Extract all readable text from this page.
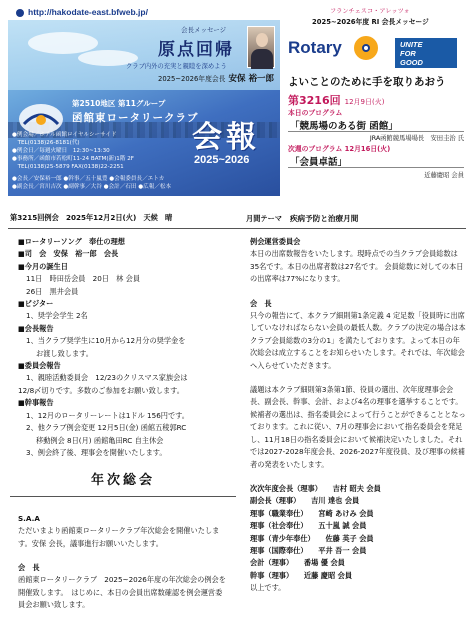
http://hakodate-east.bfweb.jp/
会長メッセージ
原点回帰
クラブ内外の充実と親睦を深めよう
2025~2026年度会長 安保 裕一郎
第2510地区 第11グループ
函館東ロータリークラブ
会報
2025~2026
●例会場／ホテル函館ロイヤルシーサイド
　TEL(0138)26-8181(代)
●例会日／毎週火曜日　12:30~13:30
●事務所／函館市若松町11-24 BATM(新)1階 2F
　TEL(0138)25-5879 FAX(0138)22-2251
●会長／安保裕一郎 ●幹事／五十嵐豊 ●会報委員長／エトカ
●副会長／宮川吉次 ●副幹事／大谷 ●会計／石田 ●広報／松本
フランチェスコ・アレッツォ
2025~2026年度 RI 会長メッセージ
Rotary	UNITE
FOR
GOOD
よいことのために手を取りあおう
第3216回 12月9日(火)
本日のプログラム
「競馬場のある街 函館」
JRA函館競馬場場長　安田圭治 氏
次週のプログラム 12月16日(火)
「会員卓話」
近藤慶昭 会員
第3215回例会　2025年12月2日(火)　天候　晴	月間テーマ 疾病予防と治療月間
■ロータリーソング　奉仕の理想
■司　会　安保　裕一郎　会長
■今月の誕生日
11日　時田岳会員　20日　林 会員
26日　黒井会員
■ビジター
1、奨学会学生 2名
■会長報告
1、当クラブ奨学生に10月から12月分の奨学金を
お渡し致します。
■委員会報告
1、親睦活動委員会　12/23のクリスマス家族会は
12/8〆切りです。多数のご参加をお願い致します。
■幹事報告
1、12月のロータリーレートは1ドル 156円です。
2、他クラブ例会変更 12月5日(金) 函館五稜郭RC
移動例会 8日(月) 函館亀田RC 自主休会
3、例会終了後、理事会を開催いたします。
年次総会
S.A.A
ただいまより函館東ロータリークラブ年次総会を開催いたします。安保 会長，議事進行お願いいたします。
会　長
函館東ロータリークラブ　2025~2026年度の年次総会の例会を開催致します。　はじめに、本日の会員出席数確認を例会運営委員会お願い致します。
例会運営委員会
本日の出席数報告をいたします。現時点での当クラブ会員総数は35名です。本日の出席者数は27名です。 会員総数に対しての本日の出席率は77%になります。
会　長
只今の報告にて、本クラブ細則第1条定義 4 定足数「役員時に出席していなければならない会員の最低人数。クラブの決定の場合は本クラブ会員総数の3分の1」を満たしております。よって本日の年次総会は成立することをお知らせいたします。それでは、年次総会へ入らせていただきます。
議題は本クラブ細則第3条第1節、役員の選出、次年度理事会会長、副会長、幹事、会計、および4名の理事を選挙することです。 候補者の選出は、指名委員会によって行うことができることとなっております。これに従い、7月の理事会において指名委員会を発足し、11月18日の指名委員会において候補決定いたしました。それでは2027-2028年度会長、2026-2027年度役員、及び理事の候補者の発表をいたします。
次次年度会長（理事）　　吉村 昭夫 会員
副会長（理事）　　吉川 達也 会員
理事（職業奉仕）　　宮崎 あけみ 会員
理事（社会奉仕）　　五十嵐 誠 会員
理事（青少年奉仕）　　佐藤 英子 会員
理事（国際奉仕）　　平井 吾一 会員
会計（理事）　　番場 優 会員
幹事（理事）　　近藤 慶昭 会員
以上です。
